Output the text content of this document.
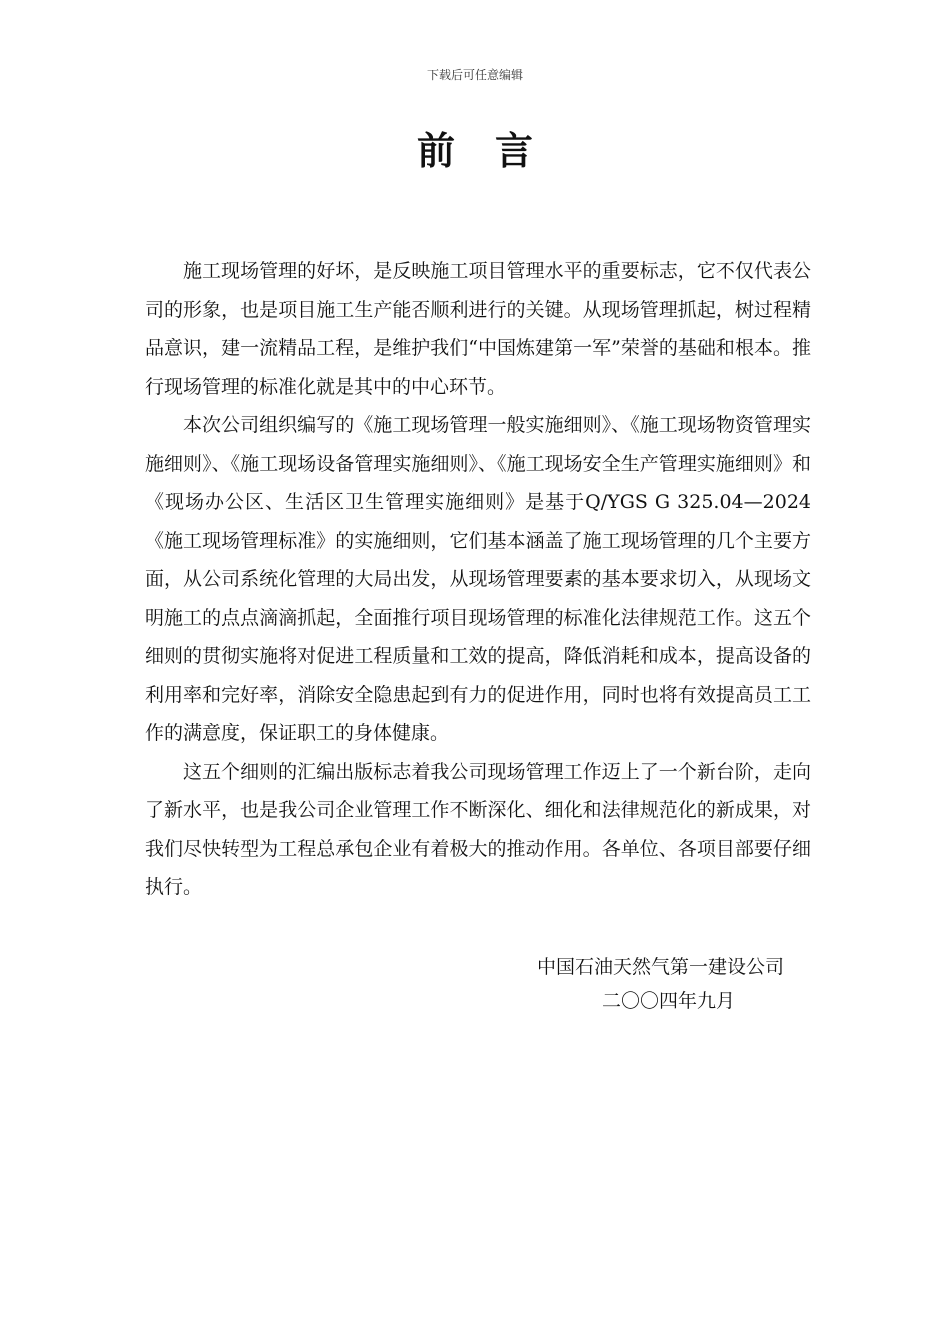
下载后可任意编辑
前 言

施工现场管理的好坏，是反映施工项目管理水平的重要标志，它不仅代表公司的形象，也是项目施工生产能否顺利进行的关键。从现场管理抓起，树过程精品意识，建一流精品工程，是维护我们“中国炼建第一军”荣誉的基础和根本。推行现场管理的标准化就是其中的中心环节。

本次公司组织编写的《施工现场管理一般实施细则》、《施工现场物资管理实施细则》、《施工现场设备管理实施细则》、《施工现场安全生产管理实施细则》和《现场办公区、生活区卫生管理实施细则》是基于Q/YGS G 325.04—2024《施工现场管理标准》的实施细则，它们基本涵盖了施工现场管理的几个主要方面，从公司系统化管理的大局出发，从现场管理要素的基本要求切入，从现场文明施工的点点滴滴抓起，全面推行项目现场管理的标准化法律规范工作。这五个细则的贯彻实施将对促进工程质量和工效的提高，降低消耗和成本，提高设备的利用率和完好率，消除安全隐患起到有力的促进作用，同时也将有效提高员工工作的满意度，保证职工的身体健康。

这五个细则的汇编出版标志着我公司现场管理工作迈上了一个新台阶，走向了新水平，也是我公司企业管理工作不断深化、细化和法律规范化的新成果，对我们尽快转型为工程总承包企业有着极大的推动作用。各单位、各项目部要仔细执行。

中国石油天然气第一建设公司
二〇〇四年九月
